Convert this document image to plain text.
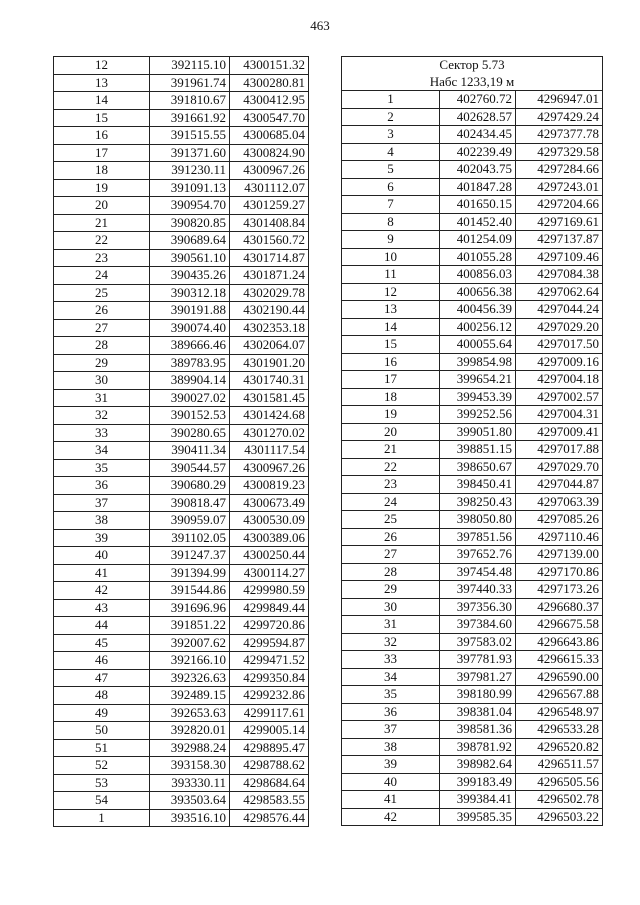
463
12	392115.10	4300151.32
13	391961.74	4300280.81
14	391810.67	4300412.95
15	391661.92	4300547.70
16	391515.55	4300685.04
17	391371.60	4300824.90
18	391230.11	4300967.26
19	391091.13	4301112.07
20	390954.70	4301259.27
21	390820.85	4301408.84
22	390689.64	4301560.72
23	390561.10	4301714.87
24	390435.26	4301871.24
25	390312.18	4302029.78
26	390191.88	4302190.44
27	390074.40	4302353.18
28	389666.46	4302064.07
29	389783.95	4301901.20
30	389904.14	4301740.31
31	390027.02	4301581.45
32	390152.53	4301424.68
33	390280.65	4301270.02
34	390411.34	4301117.54
35	390544.57	4300967.26
36	390680.29	4300819.23
37	390818.47	4300673.49
38	390959.07	4300530.09
39	391102.05	4300389.06
40	391247.37	4300250.44
41	391394.99	4300114.27
42	391544.86	4299980.59
43	391696.96	4299849.44
44	391851.22	4299720.86
45	392007.62	4299594.87
46	392166.10	4299471.52
47	392326.63	4299350.84
48	392489.15	4299232.86
49	392653.63	4299117.61
50	392820.01	4299005.14
51	392988.24	4298895.47
52	393158.30	4298788.62
53	393330.11	4298684.64
54	393503.64	4298583.55
1	393516.10	4298576.44
Сектор 5.73		
Набс 1233,19 м		
1	402760.72	4296947.01
2	402628.57	4297429.24
3	402434.45	4297377.78
4	402239.49	4297329.58
5	402043.75	4297284.66
6	401847.28	4297243.01
7	401650.15	4297204.66
8	401452.40	4297169.61
9	401254.09	4297137.87
10	401055.28	4297109.46
11	400856.03	4297084.38
12	400656.38	4297062.64
13	400456.39	4297044.24
14	400256.12	4297029.20
15	400055.64	4297017.50
16	399854.98	4297009.16
17	399654.21	4297004.18
18	399453.39	4297002.57
19	399252.56	4297004.31
20	399051.80	4297009.41
21	398851.15	4297017.88
22	398650.67	4297029.70
23	398450.41	4297044.87
24	398250.43	4297063.39
25	398050.80	4297085.26
26	397851.56	4297110.46
27	397652.76	4297139.00
28	397454.48	4297170.86
29	397440.33	4297173.26
30	397356.30	4296680.37
31	397384.60	4296675.58
32	397583.02	4296643.86
33	397781.93	4296615.33
34	397981.27	4296590.00
35	398180.99	4296567.88
36	398381.04	4296548.97
37	398581.36	4296533.28
38	398781.92	4296520.82
39	398982.64	4296511.57
40	399183.49	4296505.56
41	399384.41	4296502.78
42	399585.35	4296503.22
